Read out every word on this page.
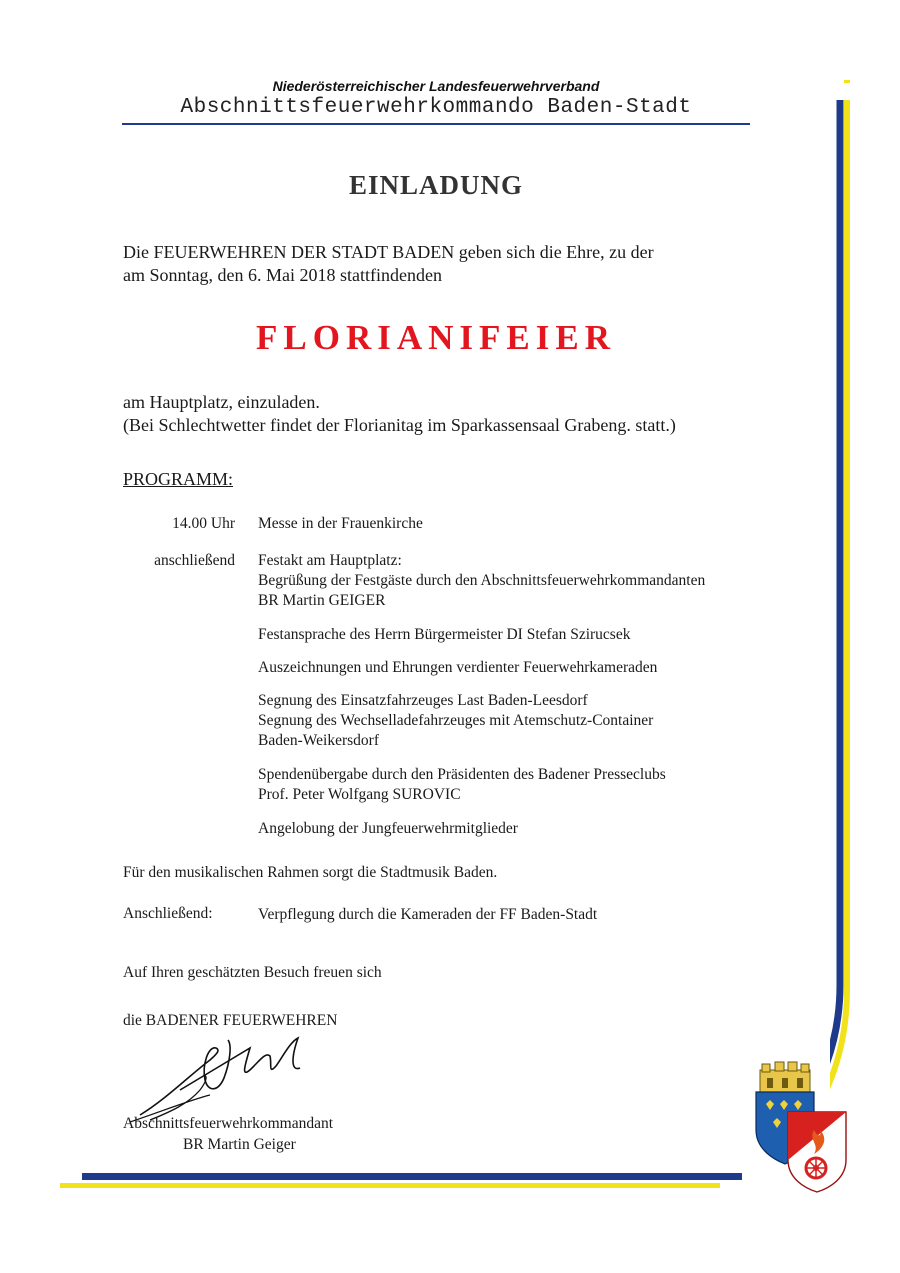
Niederösterreichischer Landesfeuerwehrverband
Abschnittsfeuerwehrkommando Baden-Stadt
EINLADUNG
Die FEUERWEHREN DER STADT BADEN geben sich die Ehre, zu der
am Sonntag, den 6. Mai 2018 stattfindenden
FLORIANIFEIER
am Hauptplatz, einzuladen.
(Bei Schlechtwetter findet der Florianitag im Sparkassensaal Grabeng. statt.)
PROGRAMM:
14.00 Uhr Messe in der Frauenkirche
anschließend Festakt am Hauptplatz:
Begrüßung der Festgäste durch den Abschnittsfeuerwehrkommandanten
BR Martin GEIGER
Festansprache des Herrn Bürgermeister DI Stefan Szirucsek
Auszeichnungen und Ehrungen verdienter Feuerwehrkameraden
Segnung des Einsatzfahrzeuges Last Baden-Leesdorf
Segnung des Wechselladefahrzeuges mit Atemschutz-Container
Baden-Weikersdorf
Spendenübergabe durch den Präsidenten des Badener Presseclubs
Prof. Peter Wolfgang SUROVIC
Angelobung der Jungfeuerwehrmitglieder
Für den musikalischen Rahmen sorgt die Stadtmusik Baden.
Anschließend:	Verpflegung durch die Kameraden der FF Baden-Stadt
Auf Ihren geschätzten Besuch freuen sich
die BADENER FEUERWEHREN
Abschnittsfeuerwehrkommandant
BR Martin Geiger
